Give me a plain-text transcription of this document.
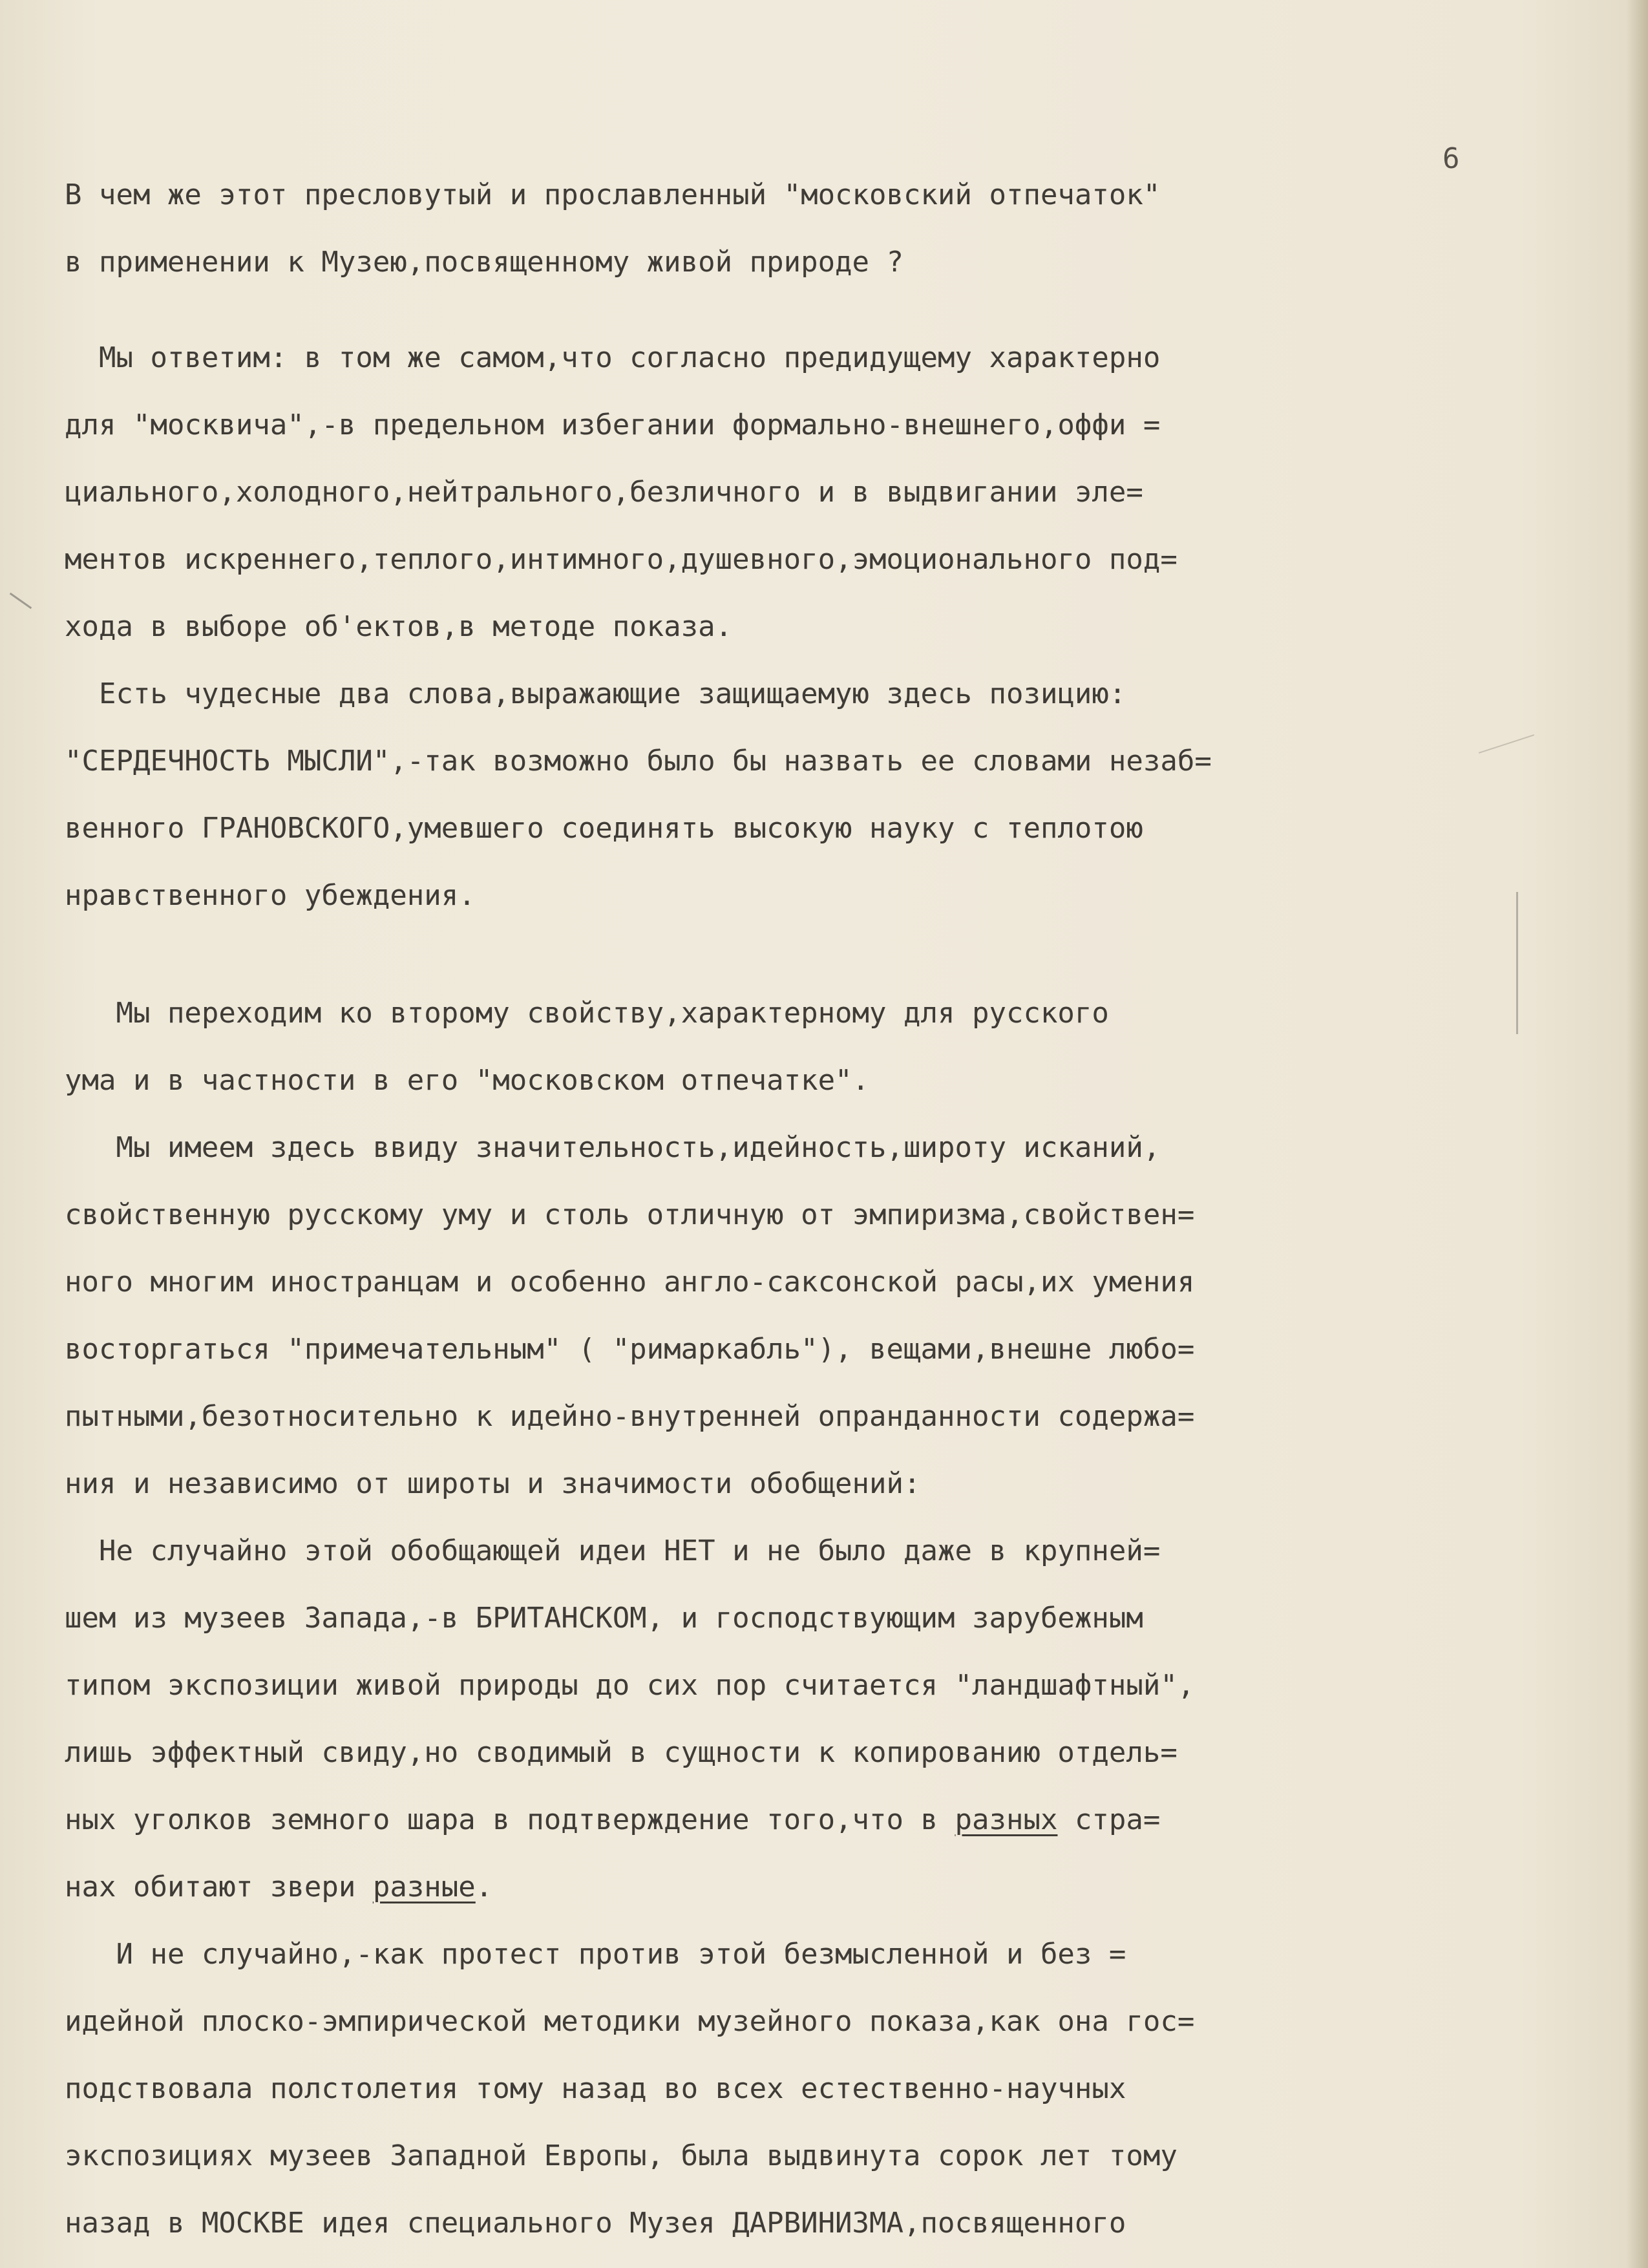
6
В чем же этот пресловутый и прославленный "московский отпечаток"
в применении к Музею,посвященному живой природе ?
Мы ответим: в том же самом,что согласно предидущему характерно
для "москвича",-в предельном избегании формально-внешнего,оффи =
циального,холодного,нейтрального,безличного и в выдвигании эле=
ментов искреннего,теплого,интимного,душевного,эмоционального под=
хода в выборе об'ектов,в методе показа.
Есть чудесные два слова,выражающие защищаемую здесь позицию:
"СЕРДЕЧНОСТЬ МЫСЛИ",-так возможно было бы назвать ее словами незаб=
венного ГРАНОВСКОГО,умевшего соединять высокую науку с теплотою
нравственного убеждения.
Мы переходим ко второму свойству,характерному для русского
ума и в частности в его "московском отпечатке".
Мы имеем здесь ввиду значительность,идейность,широту исканий,
свойственную русскому уму и столь отличную от эмпиризма,свойствен=
ного многим иностранцам и особенно англо-саксонской расы,их умения
восторгаться "примечательным" ( "римаркабль"), вещами,внешне любо=
пытными,безотносительно к идейно-внутренней опранданности содержа=
ния и независимо от широты и значимости обобщений:
Не случайно этой обобщающей идеи НЕТ и не было даже в крупней=
шем из музеев Запада,-в БРИТАНСКОМ, и господствующим зарубежным
типом экспозиции живой природы до сих пор считается "ландшафтный",
лишь эффектный свиду,но сводимый в сущности к копированию отдель=
ных уголков земного шара в подтверждение того,что в разных стра=
нах обитают звери разные.
И не случайно,-как протест против этой безмысленной и без =
идейной плоско-эмпирической методики музейного показа,как она гос=
подствовала полстолетия тому назад во всех естественно-научных
экспозициях музеев Западной Европы, была выдвинута сорок лет тому
назад в МОСКВЕ идея специального Музея ДАРВИНИЗМА,посвященного
